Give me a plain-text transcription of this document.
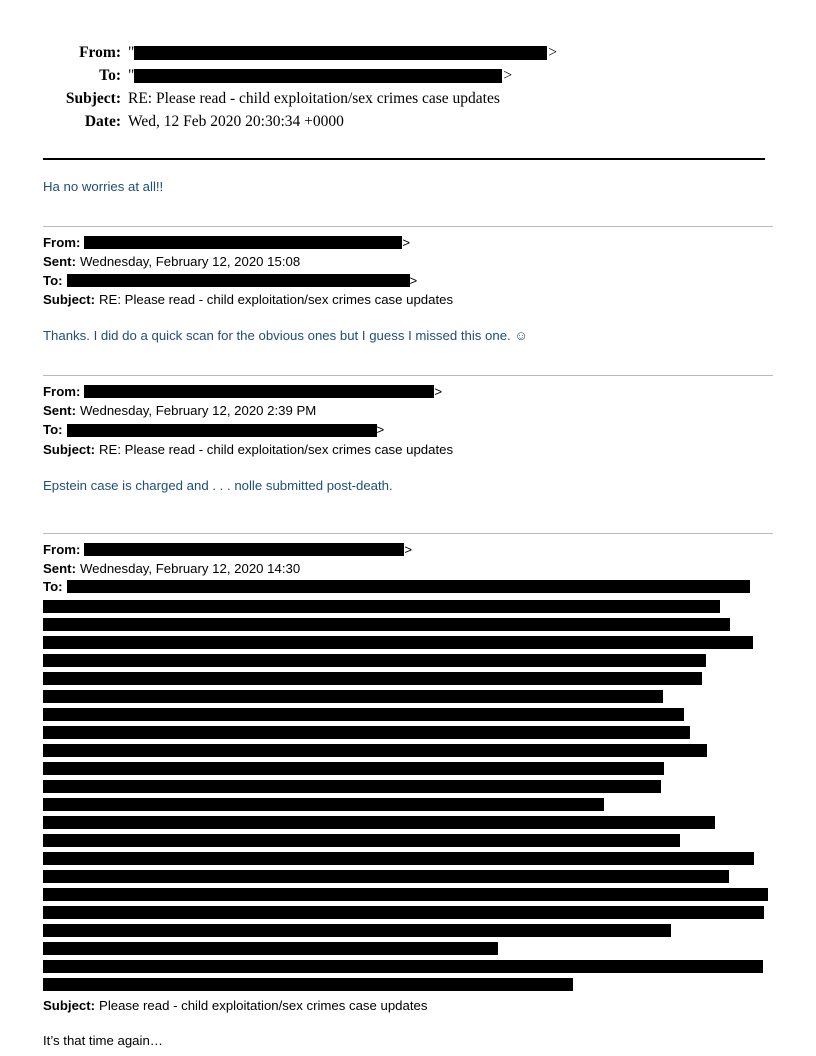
From: "	>
To: "	>
Subject: RE: Please read - child exploitation/sex crimes case updates
Date: Wed, 12 Feb 2020 20:30:34 +0000

Ha no worries at all!!

From:	>
Sent: Wednesday, February 12, 2020 15:08
To:	>
Subject: RE: Please read - child exploitation/sex crimes case updates

Thanks. I did do a quick scan for the obvious ones but I guess I missed this one. ☺

From:	>
Sent: Wednesday, February 12, 2020 2:39 PM
To:	>
Subject: RE: Please read - child exploitation/sex crimes case updates

Epstein case is charged and . . . nolle submitted post-death.

From:	>
Sent: Wednesday, February 12, 2020 14:30
To:
Subject: Please read - child exploitation/sex crimes case updates

It’s that time again…
